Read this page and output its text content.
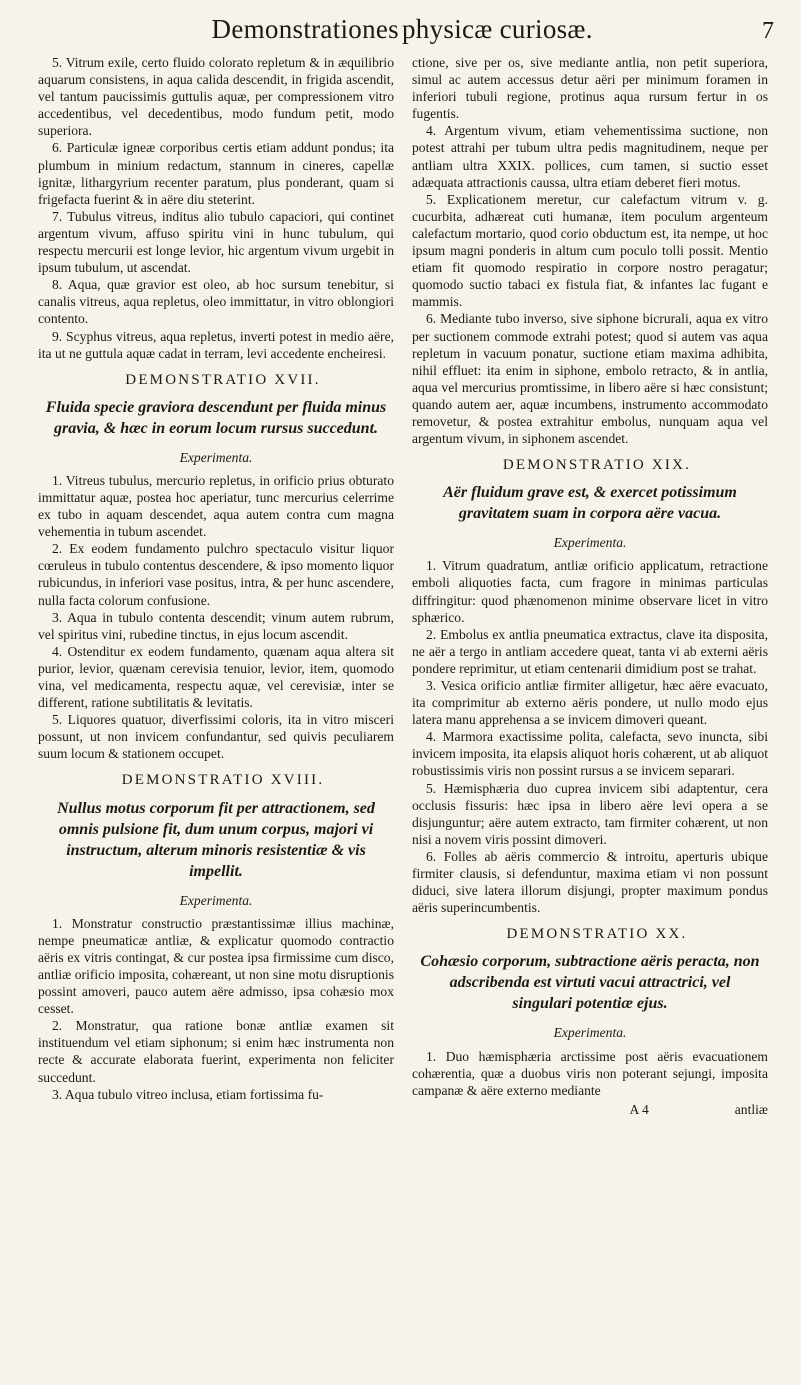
Demonstrationes physicæ curiosæ.	7

5. Vitrum exile, certo fluido colorato repletum & in æquilibrio aquarum consistens, in aqua calida descendit, in frigida ascendit, vel tantum paucissimis guttulis aquæ, per compressionem vitro accedentibus, vel decedentibus, modo fundum petit, modo superiora.

6. Particulæ igneæ corporibus certis etiam addunt pondus; ita plumbum in minium redactum, stannum in cineres, capellæ ignitæ, lithargyrium recenter paratum, plus ponderant, quam si frigefacta fuerint & in aëre diu steterint.

7. Tubulus vitreus, inditus alio tubulo capaciori, qui continet argentum vivum, affuso spiritu vini in hunc tubulum, qui respectu mercurii est longe levior, hic argentum vivum urgebit in ipsum tubulum, ut ascendat.

8. Aqua, quæ gravior est oleo, ab hoc sursum tenebitur, si canalis vitreus, aqua repletus, oleo immittatur, in vitro oblongiori contento.

9. Scyphus vitreus, aqua repletus, inverti potest in medio aëre, ita ut ne guttula aquæ cadat in terram, levi accedente encheiresi.

DEMONSTRATIO XVII.

Fluida specie graviora descendunt per fluida minus gravia, & hæc in eorum locum rursus succedunt.

Experimenta.

1. Vitreus tubulus, mercurio repletus, in orificio prius obturato immittatur aquæ, postea hoc aperiatur, tunc mercurius celerrime ex tubo in aquam descendet, aqua autem contra cum magna vehementia in tubum ascendet.

2. Ex eodem fundamento pulchro spectaculo visitur liquor cœruleus in tubulo contentus descendere, & ipso momento liquor rubicundus, in inferiori vase positus, intra, & per hunc ascendere, nulla facta colorum confusione.

3. Aqua in tubulo contenta descendit; vinum autem rubrum, vel spiritus vini, rubedine tinctus, in ejus locum ascendit.

4. Ostenditur ex eodem fundamento, quænam aqua altera sit purior, levior, quænam cerevisia tenuior, levior, item, quomodo vina, vel medicamenta, respectu aquæ, vel cerevisiæ, inter se different, ratione subtilitatis & levitatis.

5. Liquores quatuor, diverfissimi coloris, ita in vitro misceri possunt, ut non invicem confundantur, sed quivis peculiarem suum locum & stationem occupet.

DEMONSTRATIO XVIII.

Nullus motus corporum fit per attractionem, sed omnis pulsione fit, dum unum corpus, majori vi instructum, alterum minoris resistentiæ & vis impellit.

Experimenta.

1. Monstratur constructio præstantissimæ illius machinæ, nempe pneumaticæ antliæ, & explicatur quomodo contractio aëris ex vitris contingat, & cur postea ipsa firmissime cum disco, antliæ orificio imposita, cohæreant, ut non sine motu disruptionis possint amoveri, pauco autem aëre admisso, ipsa cohæsio mox cesset.

2. Monstratur, qua ratione bonæ antliæ examen sit instituendum vel etiam siphonum; si enim hæc instrumenta non recte & accurate elaborata fuerint, experimenta non feliciter succedunt.

3. Aqua tubulo vitreo inclusa, etiam fortissima fu-

ctione, sive per os, sive mediante antlia, non petit superiora, simul ac autem accessus detur aëri per minimum foramen in inferiori tubuli regione, protinus aqua rursum fertur in os fugentis.

4. Argentum vivum, etiam vehementissima suctione, non potest attrahi per tubum ultra pedis magnitudinem, neque per antliam ultra XXIX. pollices, cum tamen, si suctio esset adæquata attractionis caussa, ultra etiam deberet fieri motus.

5. Explicationem meretur, cur calefactum vitrum v. g. cucurbita, adhæreat cuti humanæ, item poculum argenteum calefactum mortario, quod corio obductum est, ita nempe, ut hoc ipsum magni ponderis in altum cum poculo tolli possit. Mentio etiam fit quomodo respiratio in corpore nostro peragatur; quomodo suctio tabaci ex fistula fiat, & infantes lac fugant e mammis.

6. Mediante tubo inverso, sive siphone bicrurali, aqua ex vitro per suctionem commode extrahi potest; quod si autem vas aqua repletum in vacuum ponatur, suctione etiam maxima adhibita, nihil effluet: ita enim in siphone, embolo retracto, & in antlia, aqua vel mercurius promtissime, in libero aëre si hæc consistunt; quando autem aer, aquæ incumbens, instrumento accommodato removetur, & postea extrahitur embolus, nunquam aqua vel argentum vivum, in siphonem ascendet.

DEMONSTRATIO XIX.

Aër fluidum grave est, & exercet potissimum gravitatem suam in corpora aëre vacua.

Experimenta.

1. Vitrum quadratum, antliæ orificio applicatum, retractione emboli aliquoties facta, cum fragore in minimas particulas diffringitur: quod phænomenon minime observare licet in vitro sphærico.

2. Embolus ex antlia pneumatica extractus, clave ita disposita, ne aër a tergo in antliam accedere queat, tanta vi ab externi aëris pondere reprimitur, ut etiam centenarii dimidium post se trahat.

3. Vesica orificio antliæ firmiter alligetur, hæc aëre evacuato, ita comprimitur ab externo aëris pondere, ut nullo modo ejus latera manu apprehensa a se invicem dimoveri queant.

4. Marmora exactissime polita, calefacta, sevo inuncta, sibi invicem imposita, ita elapsis aliquot horis cohærent, ut ab aliquot robustissimis viris non possint rursus a se invicem separari.

5. Hæmisphæria duo cuprea invicem sibi adaptentur, cera occlusis fissuris: hæc ipsa in libero aëre levi opera a se disjunguntur; aëre autem extracto, tam firmiter cohærent, ut non nisi a novem viris possint dimoveri.

6. Folles ab aëris commercio & introitu, aperturis ubique firmiter clausis, si defenduntur, maxima etiam vi non possunt diduci, sive latera illorum disjungi, propter maximum pondus aëris superincumbentis.

DEMONSTRATIO XX.

Cohæsio corporum, subtractione aëris peracta, non adscribenda est virtuti vacui attractrici, vel singulari potentiæ ejus.

Experimenta.

1. Duo hæmisphæria arctissime post aëris evacuationem cohærentia, quæ a duobus viris non poterant sejungi, imposita campanæ & aëre externo mediante

A 4	antliæ
